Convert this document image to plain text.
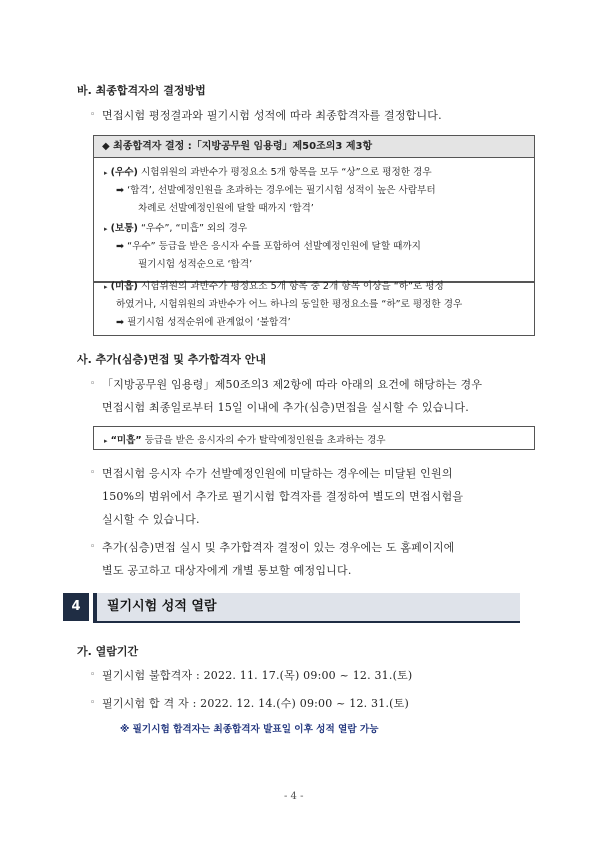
바. 최종합격자의 결정방법
◦ 면접시험 평정결과와 필기시험 성적에 따라 최종합격자를 결정합니다.
◆ 최종합격자 결정 :「지방공무원 임용령」제50조의3 제3항
▸ (우수) 시험위원의 과반수가 평정요소 5개 항목을 모두 “상”으로 평정한 경우
➡ ‘합격’, 선발예정인원을 초과하는 경우에는 필기시험 성적이 높은 사람부터
차례로 선발예정인원에 달할 때까지 ‘합격’
▸ (보통) “우수”, “미흡” 외의 경우
➡ “우수” 등급을 받은 응시자 수를 포함하여 선발예정인원에 달할 때까지
필기시험 성적순으로 ‘합격’
▸ (미흡) 시험위원의 과반수가 평정요소 5개 항목 중 2개 항목 이상을 “하”로 평정
하였거나, 시험위원의 과반수가 어느 하나의 동일한 평정요소를 “하”로 평정한 경우
➡ 필기시험 성적순위에 관계없이 ‘불합격’
사. 추가(심층)면접 및 추가합격자 안내
◦ 「지방공무원 임용령」제50조의3 제2항에 따라 아래의 요건에 해당하는 경우
면접시험 최종일로부터 15일 이내에 추가(심층)면접을 실시할 수 있습니다.
▸ “미흡” 등급을 받은 응시자의 수가 탈락예정인원을 초과하는 경우
◦ 면접시험 응시자 수가 선발예정인원에 미달하는 경우에는 미달된 인원의
150%의 범위에서 추가로 필기시험 합격자를 결정하여 별도의 면접시험을
실시할 수 있습니다.
◦ 추가(심층)면접 실시 및 추가합격자 결정이 있는 경우에는 도 홈페이지에
별도 공고하고 대상자에게 개별 통보할 예정입니다.
4	필기시험 성적 열람
가. 열람기간
◦ 필기시험 불합격자 : 2022. 11. 17.(목) 09:00 ~ 12. 31.(토)
◦ 필기시험 합 격 자 : 2022. 12. 14.(수) 09:00 ~ 12. 31.(토)
※ 필기시험 합격자는 최종합격자 발표일 이후 성적 열람 가능
- 4 -
